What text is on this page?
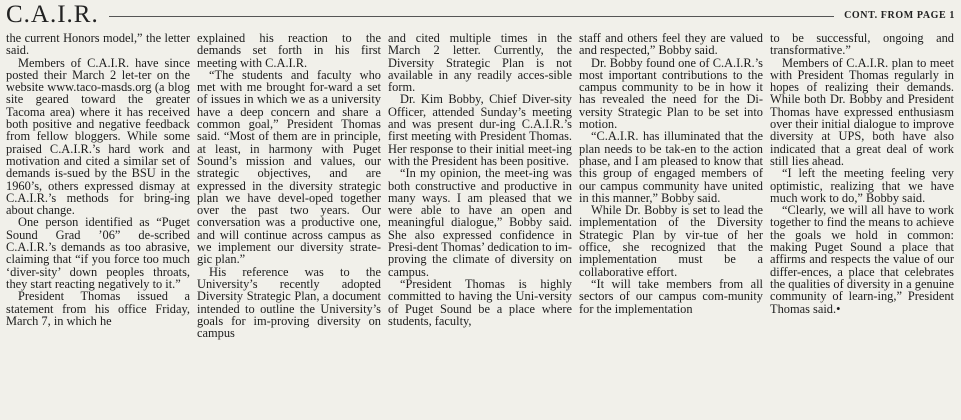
C.A.I.R.	CONT. FROM PAGE 1

the current Honors model,” the letter said.

Members of C.A.I.R. have since posted their March 2 let-ter on the website www.taco-masds.org (a blog site geared toward the greater Tacoma area) where it has received both positive and negative feedback from fellow bloggers. While some praised C.A.I.R.’s hard work and motivation and cited a similar set of demands is-sued by the BSU in the 1960’s, others expressed dismay at C.A.I.R.’s methods for bring-ing about change.

One person identified as “Puget Sound Grad ’06” de-scribed C.A.I.R.’s demands as too abrasive, claiming that “if you force too much ‘diver-sity’ down peoples throats, they start reacting negatively to it.”

President Thomas issued a statement from his office Friday, March 7, in which he

explained his reaction to the demands set forth in his first meeting with C.A.I.R.

“The students and faculty who met with me brought for-ward a set of issues in which we as a university have a deep concern and share a common goal,” President Thomas said. “Most of them are in principle, at least, in harmony with Puget Sound’s mission and values, our strategic objectives, and are expressed in the diversity strategic plan we have devel-oped together over the past two years. Our conversation was a productive one, and will continue across campus as we implement our diversity strate-gic plan.”

His reference was to the University’s recently adopted Diversity Strategic Plan, a document intended to outline the University’s goals for im-proving diversity on campus

and cited multiple times in the March 2 letter. Currently, the Diversity Strategic Plan is not available in any readily acces-sible form.

Dr. Kim Bobby, Chief Diver-sity Officer, attended Sunday’s meeting and was present dur-ing C.A.I.R.’s first meeting with President Thomas. Her response to their initial meet-ing with the President has been positive.

“In my opinion, the meet-ing was both constructive and productive in many ways. I am pleased that we were able to have an open and meaningful dialogue,” Bobby said. She also expressed confidence in Presi-dent Thomas’ dedication to im-proving the climate of diversity on campus.

“President Thomas is highly committed to having the Uni-versity of Puget Sound be a place where students, faculty,

staff and others feel they are valued and respected,” Bobby said.

Dr. Bobby found one of C.A.I.R.’s most important contributions to the campus community to be in how it has revealed the need for the Di-versity Strategic Plan to be set into motion.

“C.A.I.R. has illuminated that the plan needs to be tak-en to the action phase, and I am pleased to know that this group of engaged members of our campus community have united in this manner,” Bobby said.

While Dr. Bobby is set to lead the implementation of the Diversity Strategic Plan by vir-tue of her office, she recognized that the implementation must be a collaborative effort.

“It will take members from all sectors of our campus com-munity for the implementation

to be successful, ongoing and transformative.”

Members of C.A.I.R. plan to meet with President Thomas regularly in hopes of realizing their demands. While both Dr. Bobby and President Thomas have expressed enthusiasm over their initial dialogue to improve diversity at UPS, both have also indicated that a great deal of work still lies ahead.

“I left the meeting feeling very optimistic, realizing that we have much work to do,” Bobby said.

“Clearly, we will all have to work together to find the means to achieve the goals we hold in common: making Puget Sound a place that affirms and respects the value of our differ-ences, a place that celebrates the qualities of diversity in a genuine community of learn-ing,” President Thomas said.•
